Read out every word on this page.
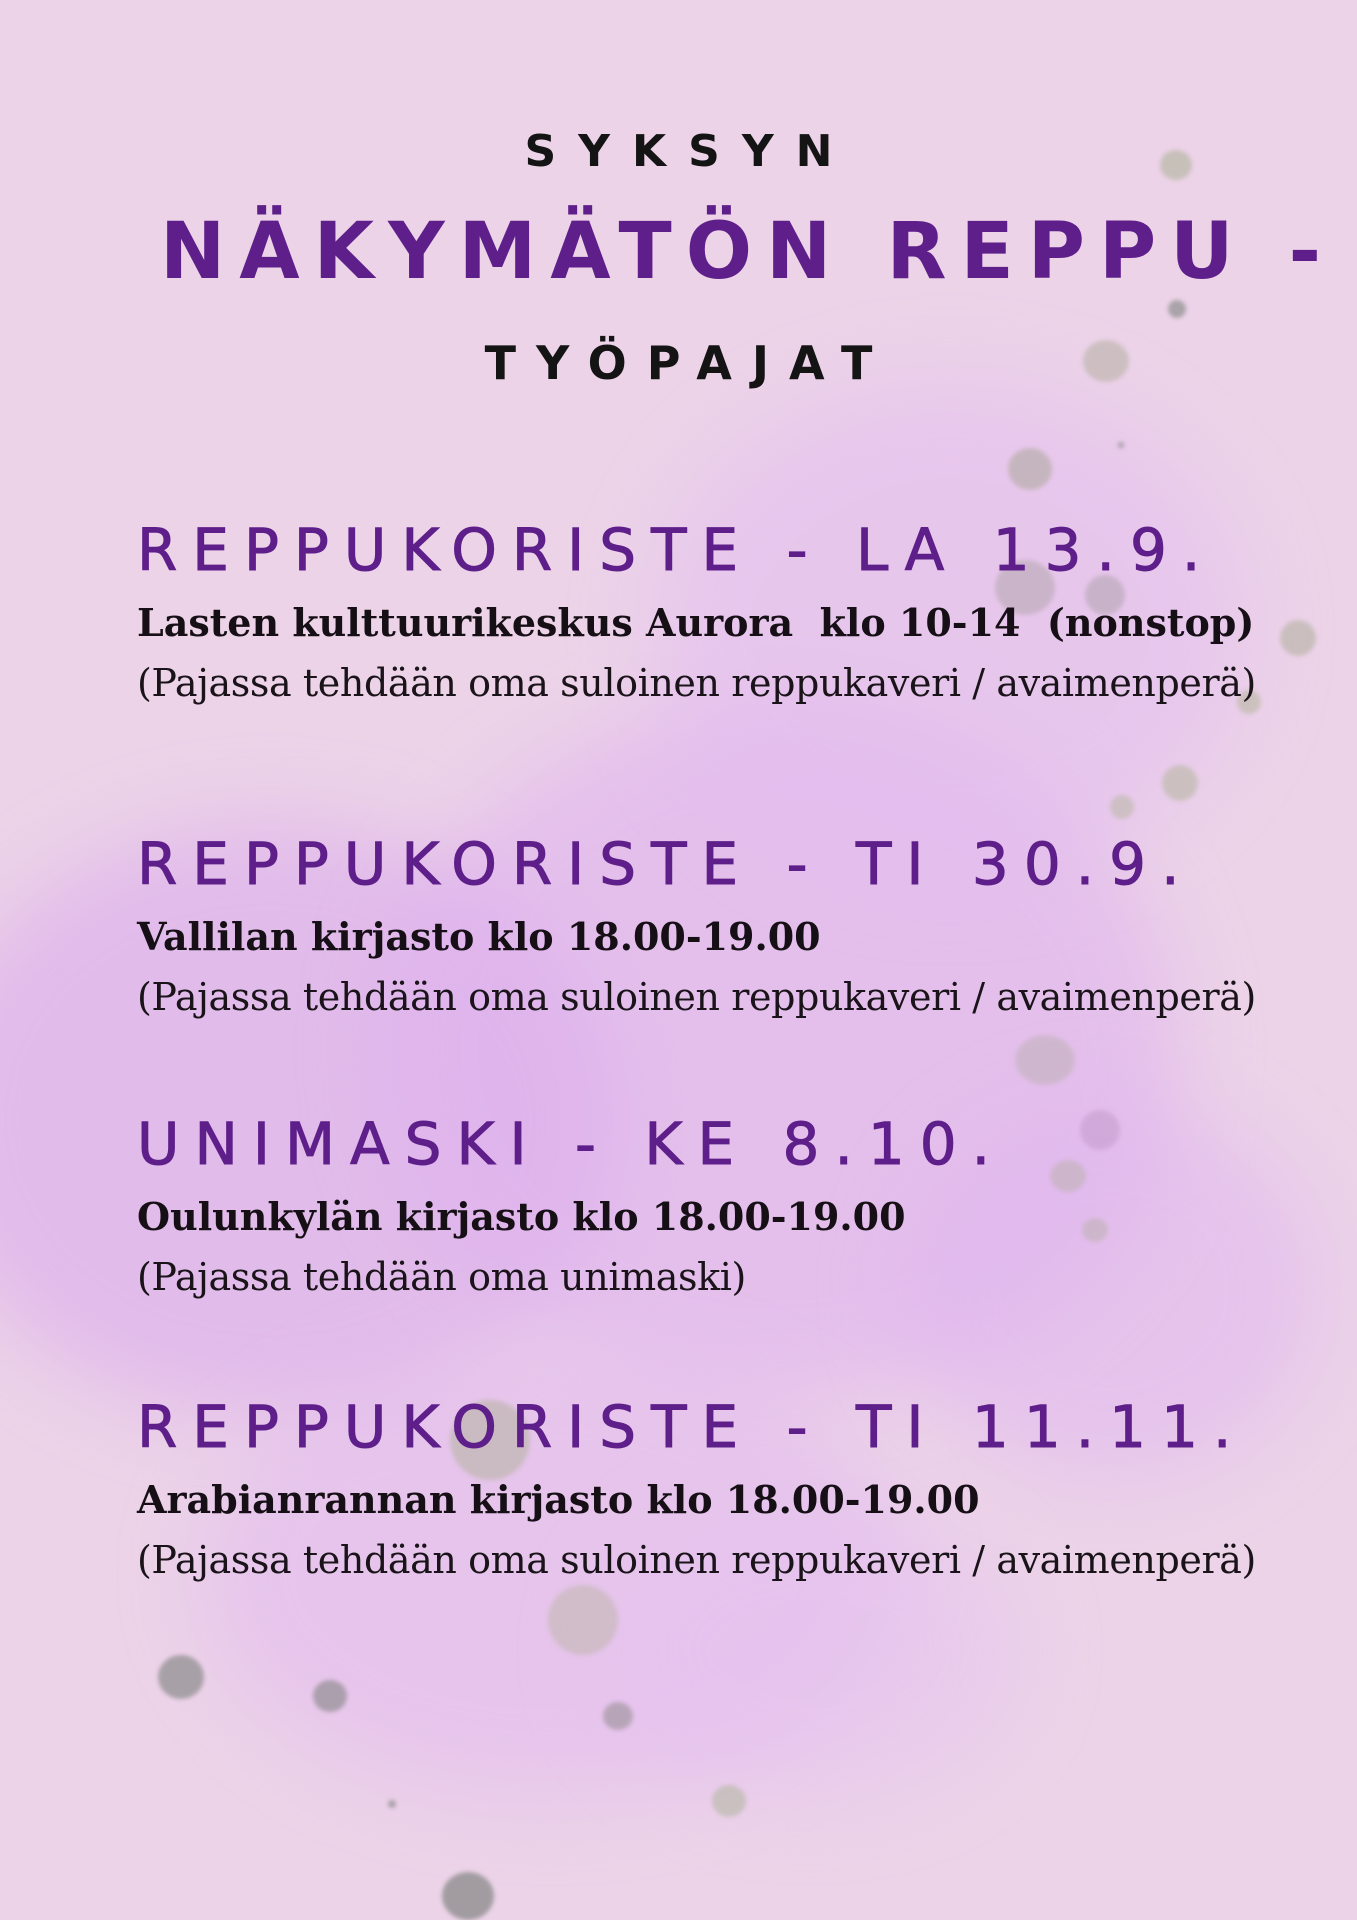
SYKSYN
NÄKYMÄTÖN REPPU -
TYÖPAJAT
REPPUKORISTE - LA 13.9.
Lasten kulttuurikeskus Aurora  klo 10-14  (nonstop)
(Pajassa tehdään oma suloinen reppukaveri / avaimenperä)
REPPUKORISTE - TI 30.9.
Vallilan kirjasto klo 18.00-19.00
(Pajassa tehdään oma suloinen reppukaveri / avaimenperä)
UNIMASKI - KE 8.10.
Oulunkylän kirjasto klo 18.00-19.00
(Pajassa tehdään oma unimaski)
REPPUKORISTE - TI 11.11.
Arabianrannan kirjasto klo 18.00-19.00
(Pajassa tehdään oma suloinen reppukaveri / avaimenperä)
